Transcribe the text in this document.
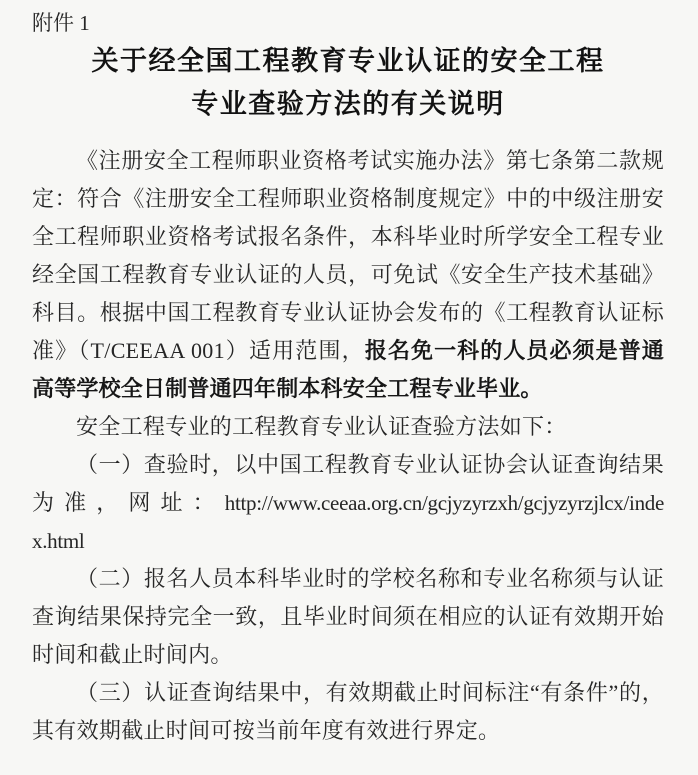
附件 1
关于经全国工程教育专业认证的安全工程
专业查验方法的有关说明
《注册安全工程师职业资格考试实施办法》第七条第二款规
定：符合《注册安全工程师职业资格制度规定》中的中级注册安
全工程师职业资格考试报名条件，本科毕业时所学安全工程专业
经全国工程教育专业认证的人员，可免试《安全生产技术基础》
科目。根据中国工程教育专业认证协会发布的《工程教育认证标
准》（T/CEEAA 001）适用范围，报名免一科的人员必须是普通
高等学校全日制普通四年制本科安全工程专业毕业。
安全工程专业的工程教育专业认证查验方法如下：
（一）查验时，以中国工程教育专业认证协会认证查询结果
为准，网址：http://www.ceeaa.org.cn/gcjyzyrzxh/gcjyzyrzjlcx/inde
x.html
（二）报名人员本科毕业时的学校名称和专业名称须与认证
查询结果保持完全一致，且毕业时间须在相应的认证有效期开始
时间和截止时间内。
（三）认证查询结果中，有效期截止时间标注“有条件”的，
其有效期截止时间可按当前年度有效进行界定。
